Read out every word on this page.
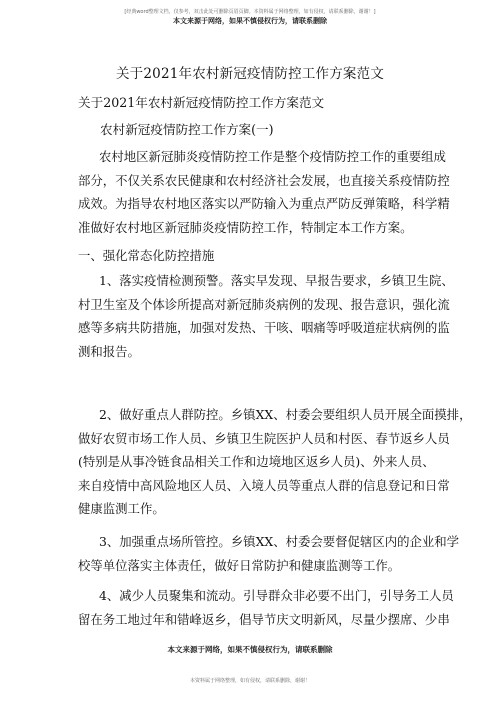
[经典word整理文档，仅参考，双击此处可删除页眉页脚。本资料属于网络整理，如有侵权，请联系删除，谢谢！]
本文来源于网络，如果不慎侵权行为，请联系删除
关于2021年农村新冠疫情防控工作方案范文
关于2021年农村新冠疫情防控工作方案范文
农村新冠疫情防控工作方案(一)
农村地区新冠肺炎疫情防控工作是整个疫情防控工作的重要组成
部分，不仅关系农民健康和农村经济社会发展，也直接关系疫情防控
成效。为指导农村地区落实以严防输入为重点严防反弹策略，科学精
准做好农村地区新冠肺炎疫情防控工作，特制定本工作方案。
一、强化常态化防控措施
1、落实疫情检测预警。落实早发现、早报告要求，乡镇卫生院、
村卫生室及个体诊所提高对新冠肺炎病例的发现、报告意识，强化流
感等多病共防措施，加强对发热、干咳、咽痛等呼吸道症状病例的监
测和报告。
2、做好重点人群防控。乡镇XX、村委会要组织人员开展全面摸排，
做好农贸市场工作人员、乡镇卫生院医护人员和村医、春节返乡人员
(特别是从事冷链食品相关工作和边境地区返乡人员)、外来人员、
来自疫情中高风险地区人员、入境人员等重点人群的信息登记和日常
健康监测工作。
3、加强重点场所管控。乡镇XX、村委会要督促辖区内的企业和学
校等单位落实主体责任，做好日常防护和健康监测等工作。
4、减少人员聚集和流动。引导群众非必要不出门，引导务工人员
留在务工地过年和错峰返乡，倡导节庆文明新风，尽量少摆席、少串
本文来源于网络，如果不慎侵权行为，请联系删除
本资料属于网络整理，如有侵权，请联系删除，谢谢！
